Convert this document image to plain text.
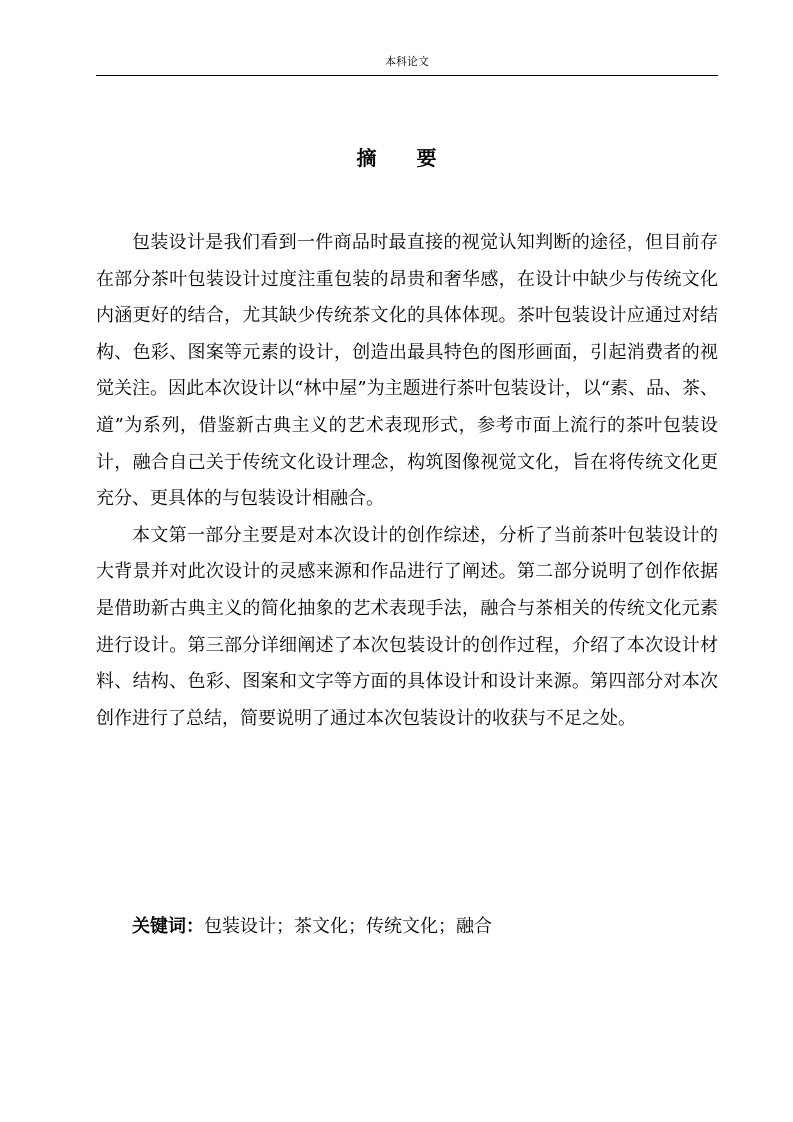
本科论文
摘 要

包装设计是我们看到一件商品时最直接的视觉认知判断的途径，但目前存在部分茶叶包装设计过度注重包装的昂贵和奢华感，在设计中缺少与传统文化内涵更好的结合，尤其缺少传统茶文化的具体体现。茶叶包装设计应通过对结构、色彩、图案等元素的设计，创造出最具特色的图形画面，引起消费者的视觉关注。因此本次设计以“林中屋”为主题进行茶叶包装设计，以“素、品、茶、道”为系列，借鉴新古典主义的艺术表现形式，参考市面上流行的茶叶包装设计，融合自己关于传统文化设计理念，构筑图像视觉文化，旨在将传统文化更充分、更具体的与包装设计相融合。

本文第一部分主要是对本次设计的创作综述，分析了当前茶叶包装设计的大背景并对此次设计的灵感来源和作品进行了阐述。第二部分说明了创作依据是借助新古典主义的简化抽象的艺术表现手法，融合与茶相关的传统文化元素进行设计。第三部分详细阐述了本次包装设计的创作过程，介绍了本次设计材料、结构、色彩、图案和文字等方面的具体设计和设计来源。第四部分对本次创作进行了总结，简要说明了通过本次包装设计的收获与不足之处。

关键词：包装设计；茶文化；传统文化；融合
